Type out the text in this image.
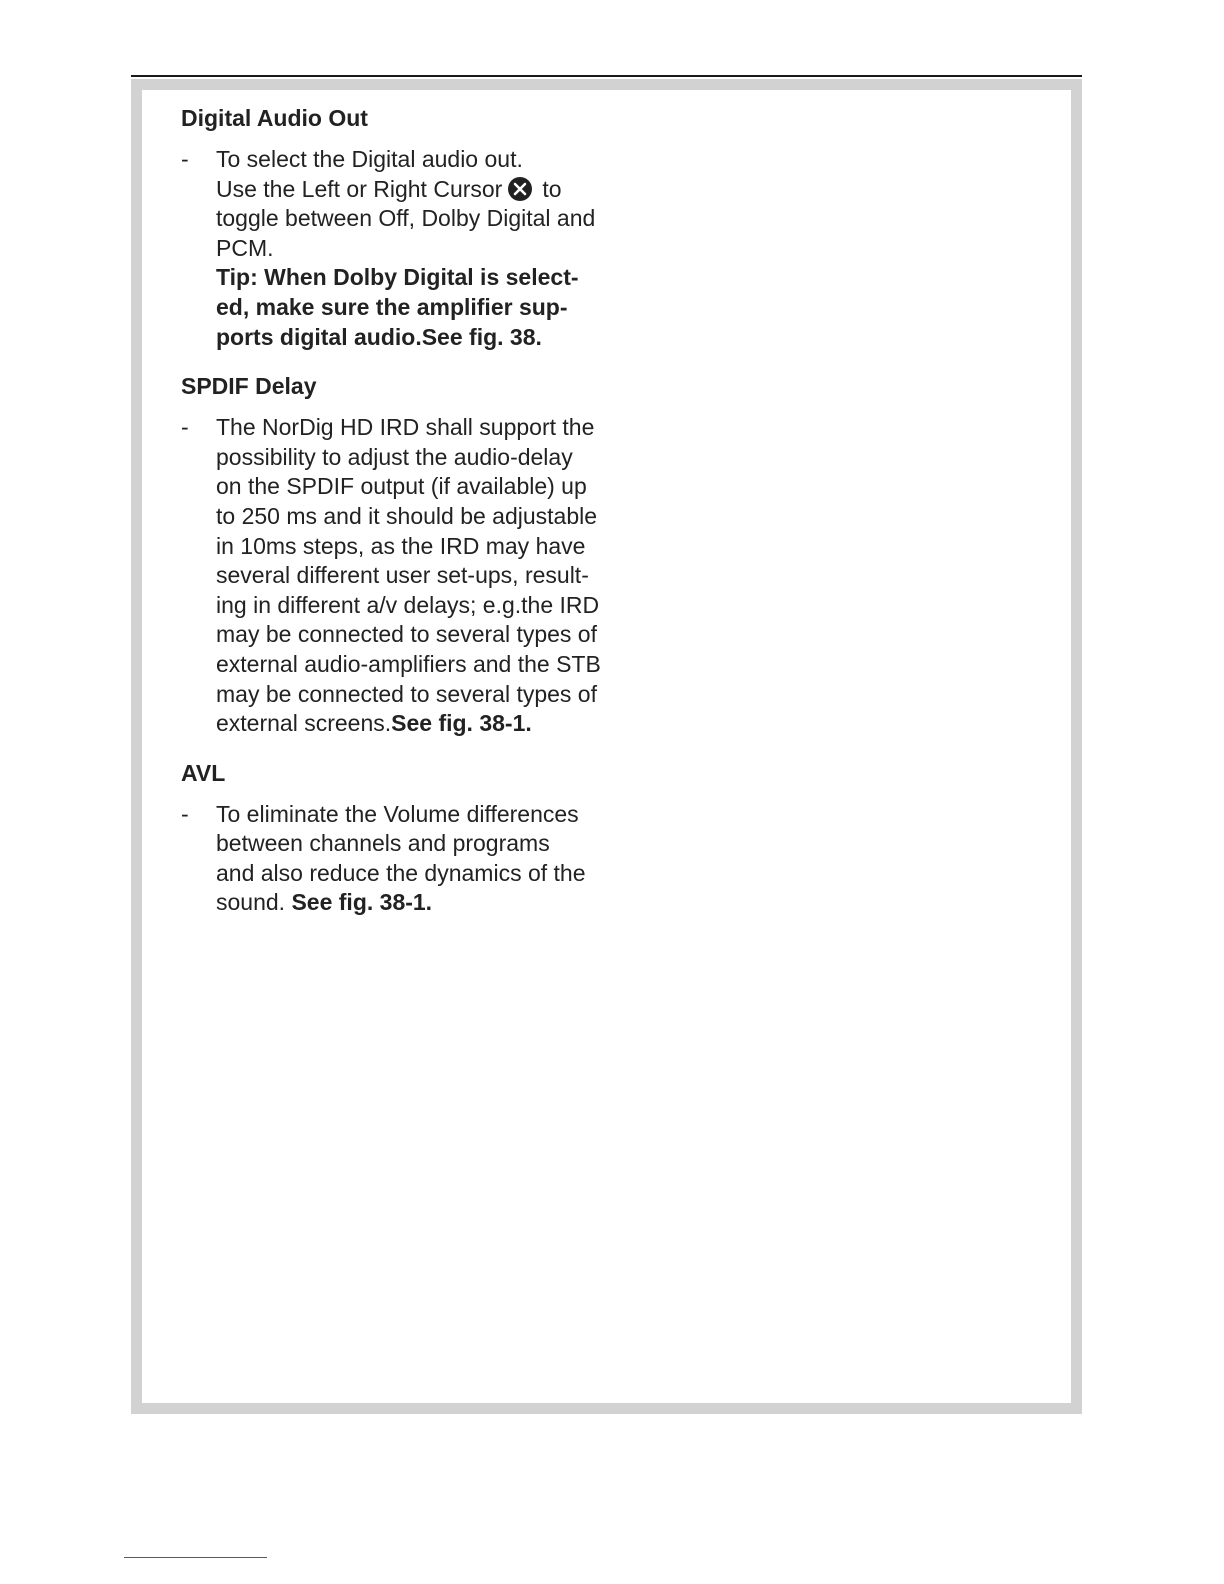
Digital Audio Out
- To select the Digital audio out.
Use the Left or Right Cursor to
toggle between Off, Dolby Digital and
PCM.
Tip: When Dolby Digital is select-
ed, make sure the amplifier sup-
ports digital audio.See fig. 38.
SPDIF Delay
- The NorDig HD IRD shall support the
possibility to adjust the audio-delay
on the SPDIF output (if available) up
to 250 ms and it should be adjustable
in 10ms steps, as the IRD may have
several different user set-ups, result-
ing in different a/v delays; e.g.the IRD
may be connected to several types of
external audio-amplifiers and the STB
may be connected to several types of
external screens.See fig. 38-1.
AVL
- To eliminate the Volume differences
between channels and programs
and also reduce the dynamics of the
sound. See fig. 38-1.
